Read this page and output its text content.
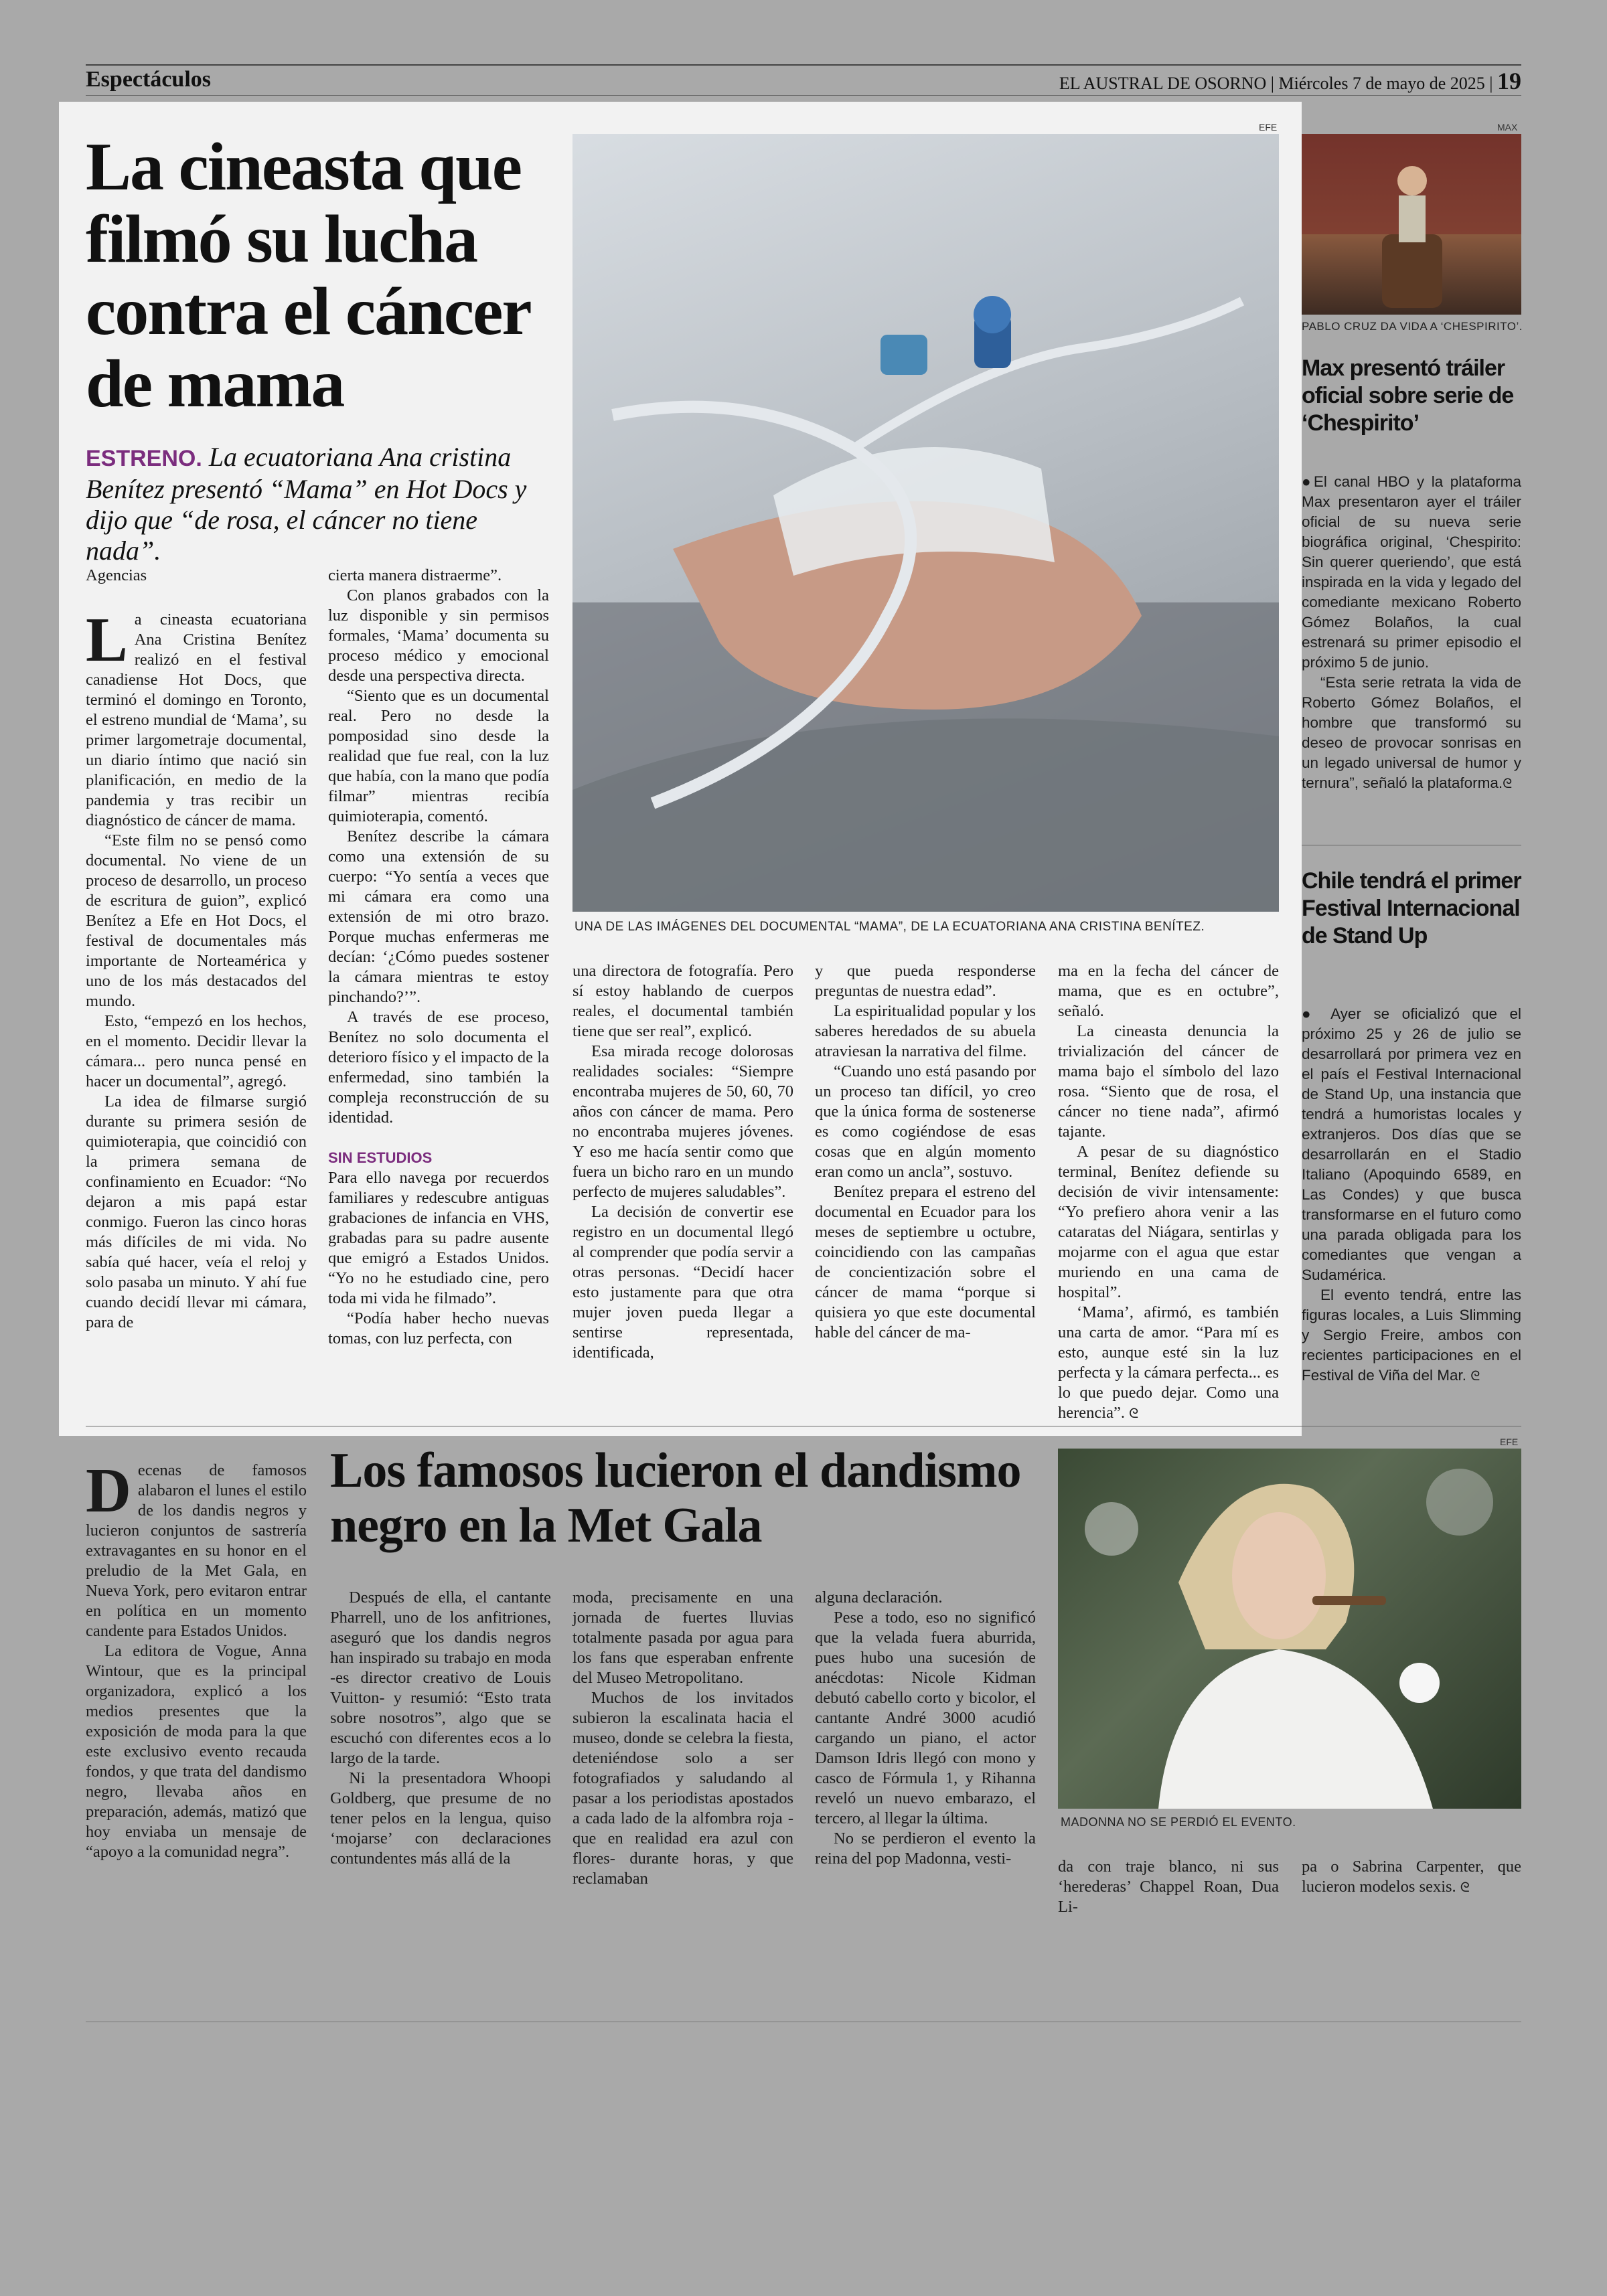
Espectáculos	EL AUSTRAL DE OSORNO | Miércoles 7 de mayo de 2025 | 19
La cineasta que filmó su lucha contra el cáncer de mama
ESTRENO. La ecuatoriana Ana cristina Benítez presentó “Mama” en Hot Docs y dijo que “de rosa, el cáncer no tiene nada”.
EFE
UNA DE LAS IMÁGENES DEL DOCUMENTAL “MAMA”, DE LA ECUATORIANA ANA CRISTINA BENÍTEZ.

Agencias

La cineasta ecuatoriana Ana Cristina Benítez realizó en el festival canadiense Hot Docs, que terminó el domingo en Toronto, el estreno mundial de ‘Mama’, su primer largometraje documental, un diario íntimo que nació sin planificación, en medio de la pandemia y tras recibir un diagnóstico de cáncer de mama.

“Este film no se pensó como documental. No viene de un proceso de desarrollo, un proceso de escritura de guion”, explicó Benítez a Efe en Hot Docs, el festival de documentales más importante de Norteamérica y uno de los más destacados del mundo.

Esto, “empezó en los hechos, en el momento. Decidir llevar la cámara... pero nunca pensé en hacer un documental”, agregó.

La idea de filmarse surgió durante su primera sesión de quimioterapia, que coincidió con la primera semana de confinamiento en Ecuador: “No dejaron a mis papá estar conmigo. Fueron las cinco horas más difíciles de mi vida. No sabía qué hacer, veía el reloj y solo pasaba un minuto. Y ahí fue cuando decidí llevar mi cámara, para de

cierta manera distraerme”.

Con planos grabados con la luz disponible y sin permisos formales, ‘Mama’ documenta su proceso médico y emocional desde una perspectiva directa.

“Siento que es un documental real. Pero no desde la pomposidad sino desde la realidad que fue real, con la luz que había, con la mano que podía filmar” mientras recibía quimioterapia, comentó.

Benítez describe la cámara como una extensión de su cuerpo: “Yo sentía a veces que mi cámara era como una extensión de mi otro brazo. Porque muchas enfermeras me decían: ‘¿Cómo puedes sostener la cámara mientras te estoy pinchando?’”.

A través de ese proceso, Benítez no solo documenta el deterioro físico y el impacto de la enfermedad, sino también la compleja reconstrucción de su identidad.

SIN ESTUDIOS

Para ello navega por recuerdos familiares y redescubre antiguas grabaciones de infancia en VHS, grabadas para su padre ausente que emigró a Estados Unidos. “Yo no he estudiado cine, pero toda mi vida he filmado”.

“Podía haber hecho nuevas tomas, con luz perfecta, con

una directora de fotografía. Pero sí estoy hablando de cuerpos reales, el documental también tiene que ser real”, explicó.

Esa mirada recoge dolorosas realidades sociales: “Siempre encontraba mujeres de 50, 60, 70 años con cáncer de mama. Pero no encontraba mujeres jóvenes. Y eso me hacía sentir como que fuera un bicho raro en un mundo perfecto de mujeres saludables”.

La decisión de convertir ese registro en un documental llegó al comprender que podía servir a otras personas. “Decidí hacer esto justamente para que otra mujer joven pueda llegar a sentirse representada, identificada,

y que pueda responderse preguntas de nuestra edad”.

La espiritualidad popular y los saberes heredados de su abuela atraviesan la narrativa del filme.

“Cuando uno está pasando por un proceso tan difícil, yo creo que la única forma de sostenerse es como cogiéndose de esas cosas que en algún momento eran como un ancla”, sostuvo.

Benítez prepara el estreno del documental en Ecuador para los meses de septiembre u octubre, coincidiendo con las campañas de concientización sobre el cáncer de mama “porque si quisiera yo que este documental hable del cáncer de ma-

ma en la fecha del cáncer de mama, que es en octubre”, señaló.

La cineasta denuncia la trivialización del cáncer de mama bajo el símbolo del lazo rosa. “Siento que de rosa, el cáncer no tiene nada”, afirmó tajante.

A pesar de su diagnóstico terminal, Benítez defiende su decisión de vivir intensamente: “Yo prefiero ahora venir a las cataratas del Niágara, sentirlas y mojarme con el agua que estar muriendo en una cama de hospital”.

‘Mama’, afirmó, es también una carta de amor. “Para mí es esto, aunque esté sin la luz perfecta y la cámara perfecta... es lo que puedo dejar. Como una herencia”. ᘓ

MAX
PABLO CRUZ DA VIDA A ‘CHESPIRITO’.
Max presentó tráiler oficial sobre serie de ‘Chespirito’

●El canal HBO y la plataforma Max presentaron ayer el tráiler oficial de su nueva serie biográfica original, ‘Chespirito: Sin querer queriendo’, que está inspirada en la vida y legado del comediante mexicano Roberto Gómez Bolaños, la cual estrenará su primer episodio el próximo 5 de junio.

“Esta serie retrata la vida de Roberto Gómez Bolaños, el hombre que transformó su deseo de provocar sonrisas en un legado universal de humor y ternura”, señaló la plataforma.ᘓ

Chile tendrá el primer Festival Internacional de Stand Up

● Ayer se oficializó que el próximo 25 y 26 de julio se desarrollará por primera vez en el país el Festival Internacional de Stand Up, una instancia que tendrá a humoristas locales y extranjeros. Dos días que se desarrollarán en el Stadio Italiano (Apoquindo 6589, en Las Condes) y que busca transformarse en el futuro como una parada obligada para los comediantes que vengan a Sudamérica.

El evento tendrá, entre las figuras locales, a Luis Slimming y Sergio Freire, ambos con recientes participaciones en el Festival de Viña del Mar. ᘓ

Los famosos lucieron el dandismo negro en la Met Gala

Decenas de famosos alabaron el lunes el estilo de los dandis negros y lucieron conjuntos de sastrería extravagantes en su honor en el preludio de la Met Gala, en Nueva York, pero evitaron entrar en política en un momento candente para Estados Unidos.

La editora de Vogue, Anna Wintour, que es la principal organizadora, explicó a los medios presentes que la exposición de moda para la que este exclusivo evento recauda fondos, y que trata del dandismo negro, llevaba años en preparación, además, matizó que hoy enviaba un mensaje de “apoyo a la comunidad negra”.

Después de ella, el cantante Pharrell, uno de los anfitriones, aseguró que los dandis negros han inspirado su trabajo en moda -es director creativo de Louis Vuitton- y resumió: “Esto trata sobre nosotros”, algo que se escuchó con diferentes ecos a lo largo de la tarde.

Ni la presentadora Whoopi Goldberg, que presume de no tener pelos en la lengua, quiso ‘mojarse’ con declaraciones contundentes más allá de la

moda, precisamente en una jornada de fuertes lluvias totalmente pasada por agua para los fans que esperaban enfrente del Museo Metropolitano.

Muchos de los invitados subieron la escalinata hacia el museo, donde se celebra la fiesta, deteniéndose solo a ser fotografiados y saludando al pasar a los periodistas apostados a cada lado de la alfombra roja -que en realidad era azul con flores- durante horas, y que reclamaban

alguna declaración.

Pese a todo, eso no significó que la velada fuera aburrida, pues hubo una sucesión de anécdotas: Nicole Kidman debutó cabello corto y bicolor, el cantante André 3000 acudió cargando un piano, el actor Damson Idris llegó con mono y casco de Fórmula 1, y Rihanna reveló un nuevo embarazo, el tercero, al llegar la última.

No se perdieron el evento la reina del pop Madonna, vesti-

EFE
MADONNA NO SE PERDIÓ EL EVENTO.

da con traje blanco, ni sus ‘herederas’ Chappel Roan, Dua Li-

pa o Sabrina Carpenter, que lucieron modelos sexis. ᘓ
